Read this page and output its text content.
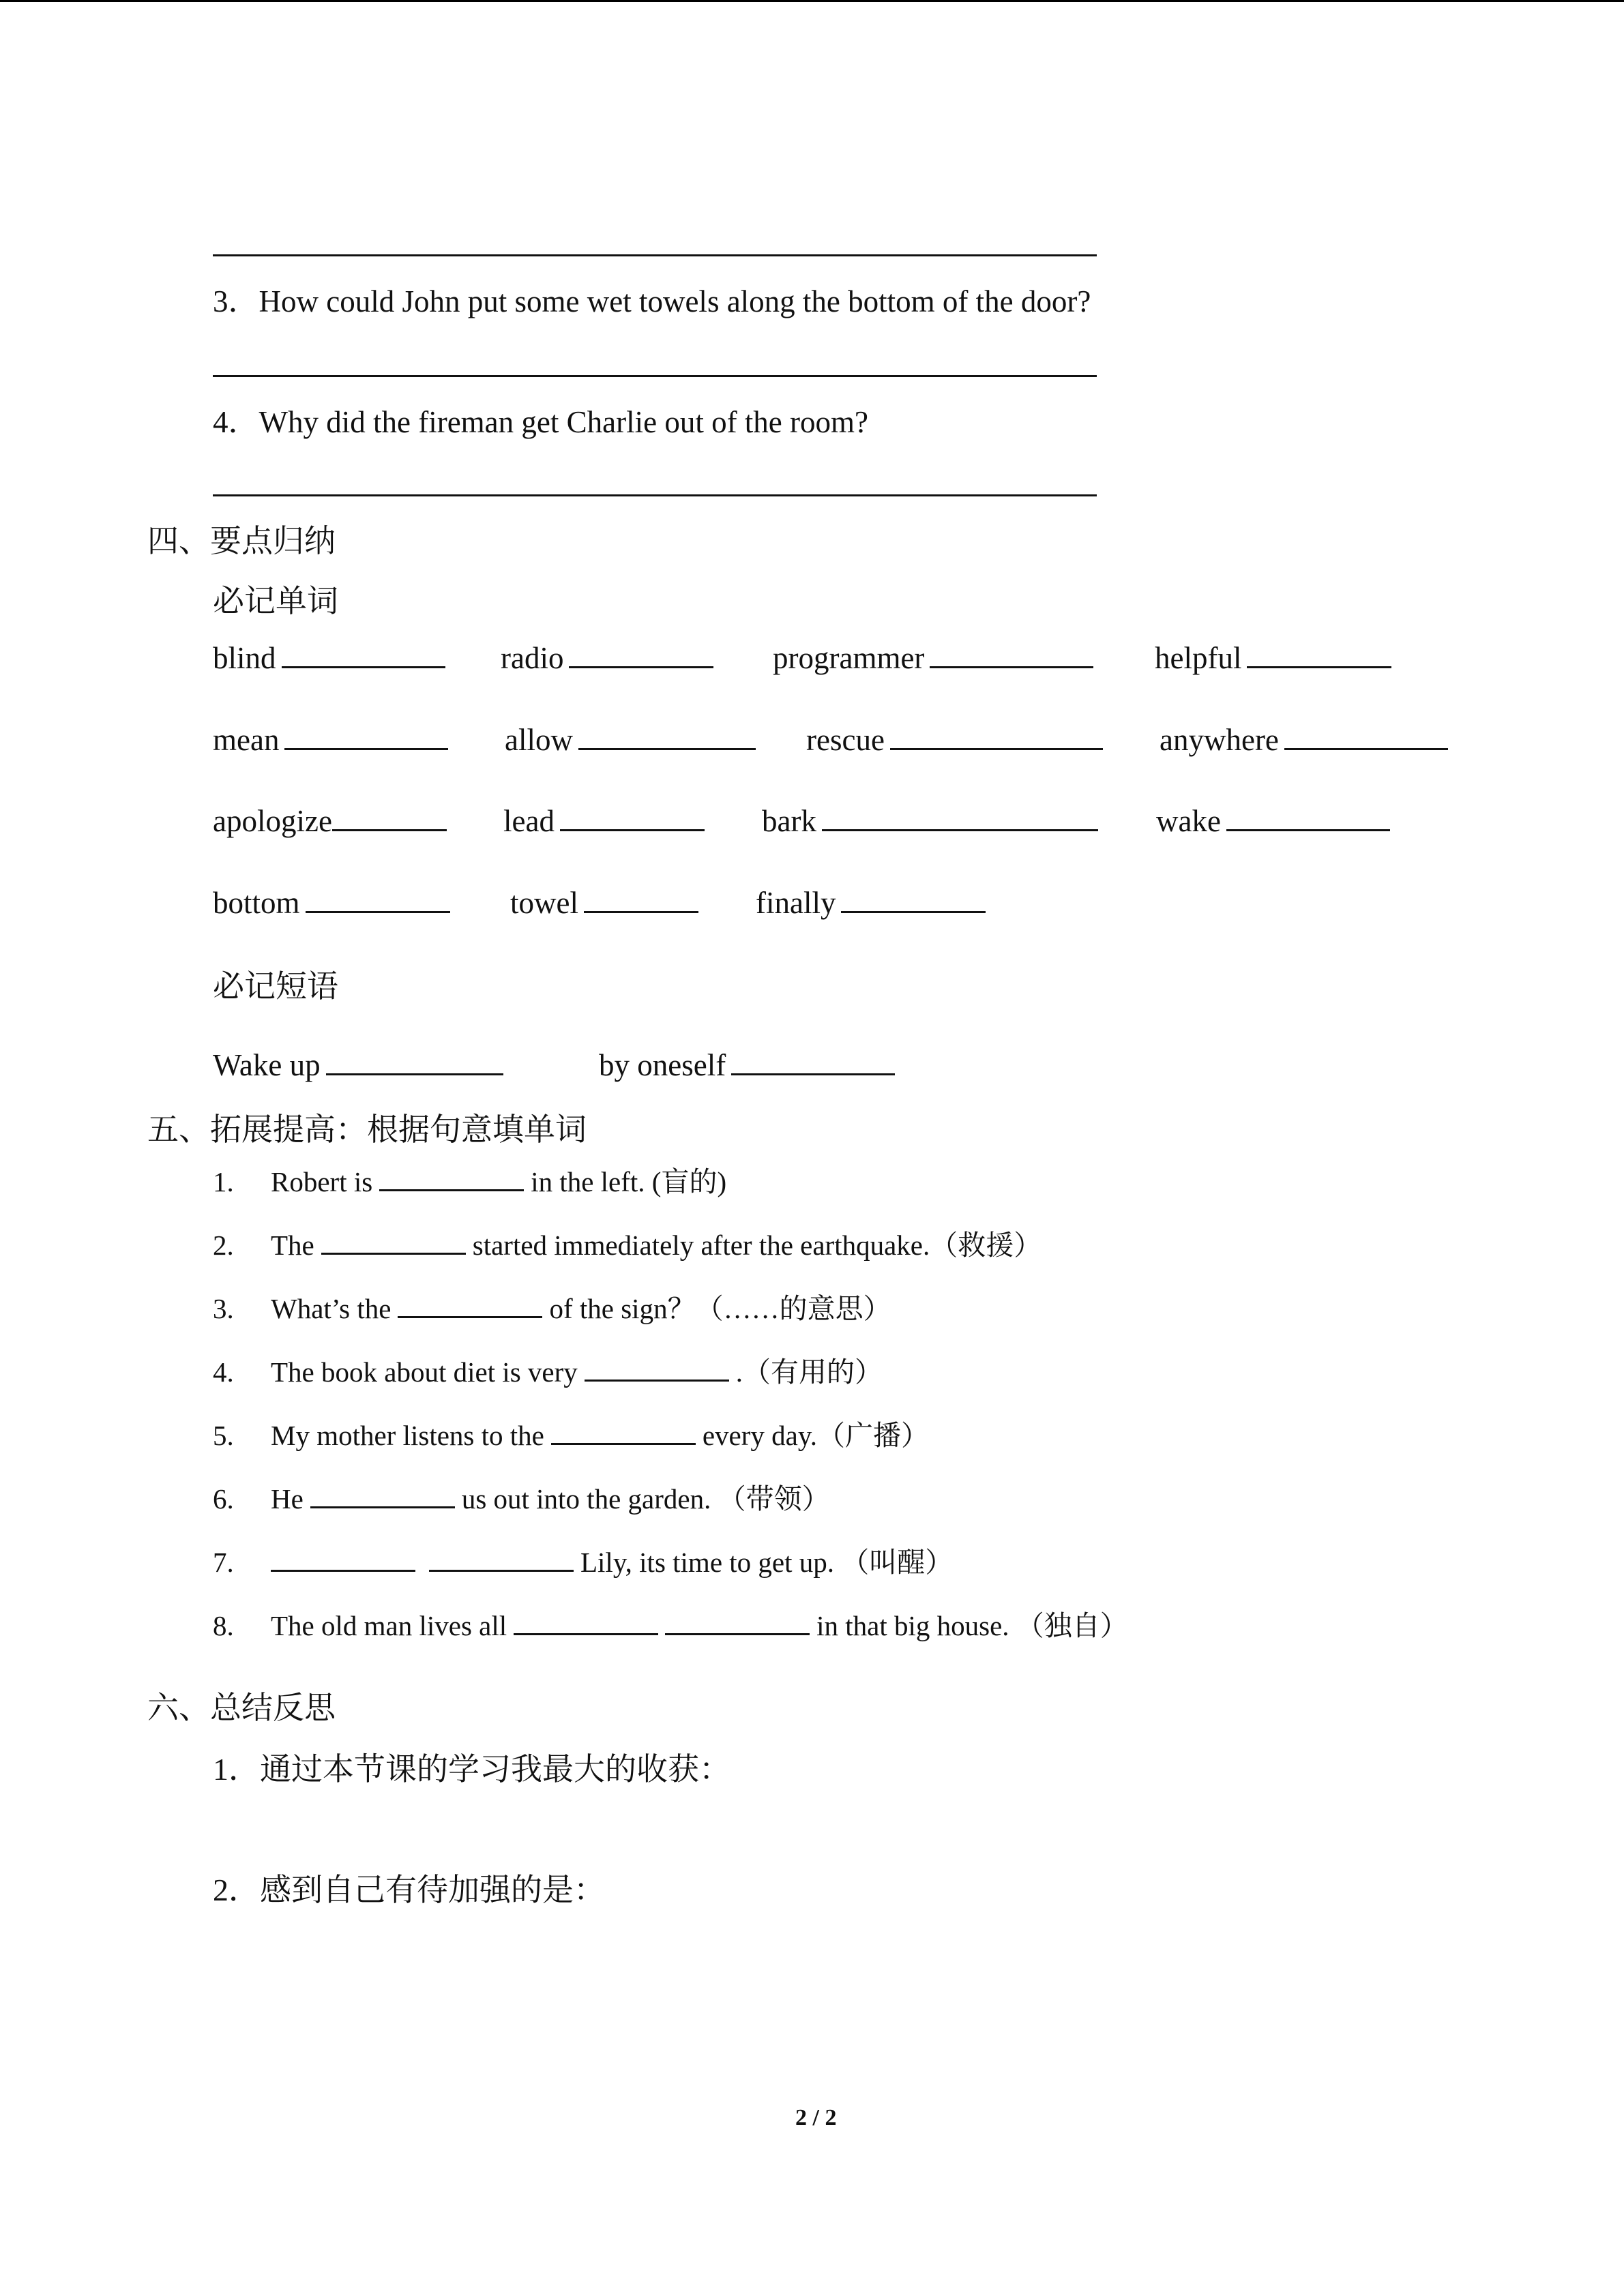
3．How could John put some wet towels along the bottom of the door?
4．Why did the fireman get Charlie out of the room?
四、要点归纳
必记单词
blind	radio	programmer	helpful
mean	allow	rescue	anywhere
apologize	lead	bark	wake
bottom	towel	finally
必记短语
Wake up	by oneself
五、拓展提高：根据句意填单词
1. Robert is	in the left. (盲的)
2. The	started immediately after the earthquake.（救援）
3. What’s the	of the sign？（……的意思）
4. The book about diet is very	.（有用的）
5. My mother listens to the	every day.（广播）
6. He	us out into the garden. （带领）
7.	Lily, its time to get up. （叫醒）
8. The old man lives all	in that big house. （独自）
六、总结反思
1．通过本节课的学习我最大的收获：
2．感到自己有待加强的是：
2 / 2
